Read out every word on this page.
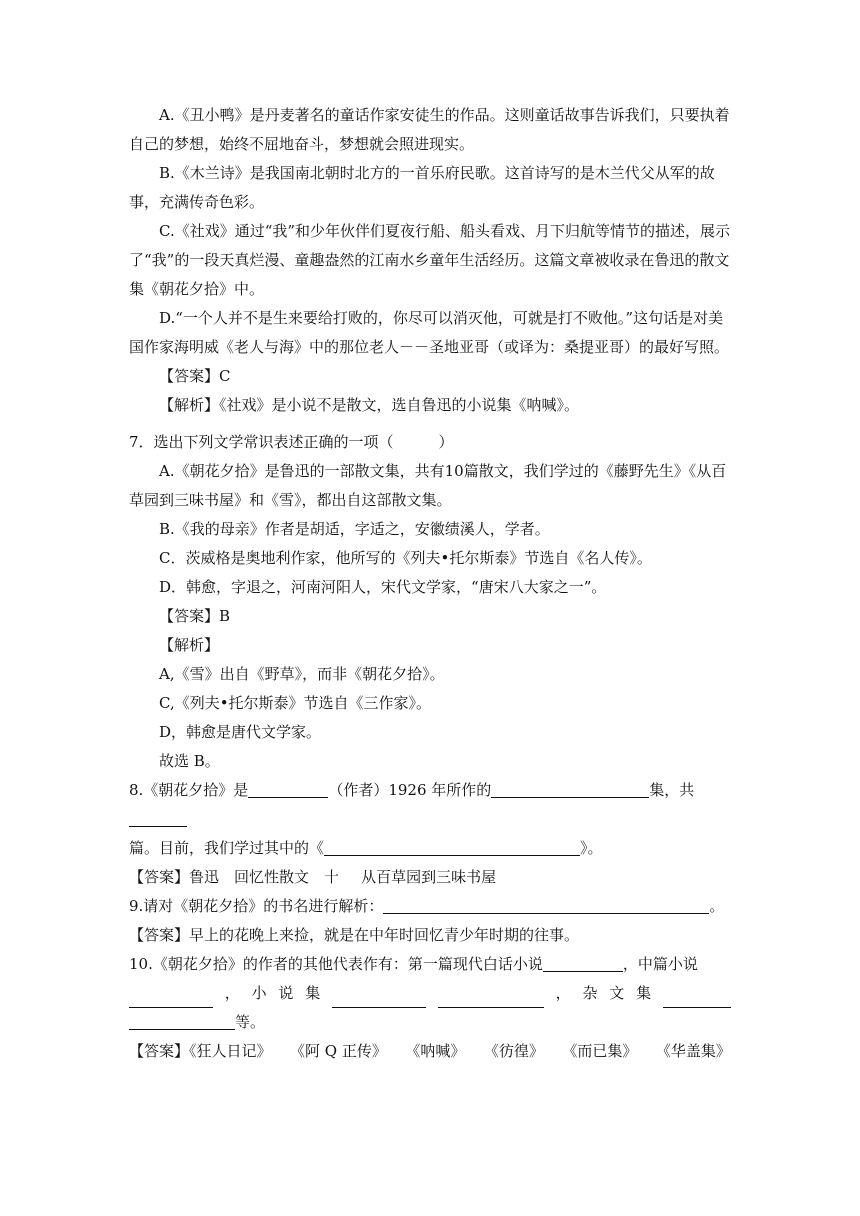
A.《丑小鸭》是丹麦著名的童话作家安徒生的作品。这则童话故事告诉我们，只要执着自己的梦想，始终不屈地奋斗，梦想就会照进现实。

B.《木兰诗》是我国南北朝时北方的一首乐府民歌。这首诗写的是木兰代父从军的故事，充满传奇色彩。

C.《社戏》通过“我”和少年伙伴们夏夜行船、船头看戏、月下归航等情节的描述，展示了“我”的一段天真烂漫、童趣盎然的江南水乡童年生活经历。这篇文章被收录在鲁迅的散文集《朝花夕拾》中。

D.“一个人并不是生来要给打败的，你尽可以消灭他，可就是打不败他。”这句话是对美国作家海明威《老人与海》中的那位老人－－圣地亚哥（或译为：桑提亚哥）的最好写照。

【答案】C

【解析】《社戏》是小说不是散文，选自鲁迅的小说集《呐喊》。

7．选出下列文学常识表述正确的一项（　　　）

A.《朝花夕拾》是鲁迅的一部散文集，共有10篇散文，我们学过的《藤野先生》《从百草园到三味书屋》和《雪》，都出自这部散文集。

B.《我的母亲》作者是胡适，字适之，安徽绩溪人，学者。

C．茨威格是奥地利作家，他所写的《列夫•托尔斯泰》节选自《名人传》。

D．韩愈，字退之，河南河阳人，宋代文学家，“唐宋八大家之一”。

【答案】B

【解析】

A,《雪》出自《野草》，而非《朝花夕拾》。

C,《列夫•托尔斯泰》节选自《三作家》。

D，韩愈是唐代文学家。

故选 B。

8.《朝花夕拾》是	（作者）1926 年所作的	集，共

篇。目前，我们学过其中的《	》。

【答案】鲁迅 回忆性散文 十 从百草园到三味书屋

9.请对《朝花夕拾》的书名进行解析：	。

【答案】早上的花晚上来捡，就是在中年时回忆青少年时期的往事。

10.《朝花夕拾》的作者的其他代表作有：第一篇现代白话小说	，中篇小说

， 小 说 集	， 杂 文 集

等。

【答案】《狂人日记》 《阿 Q 正传》 《呐喊》 《彷徨》 《而已集》 《华盖集》
